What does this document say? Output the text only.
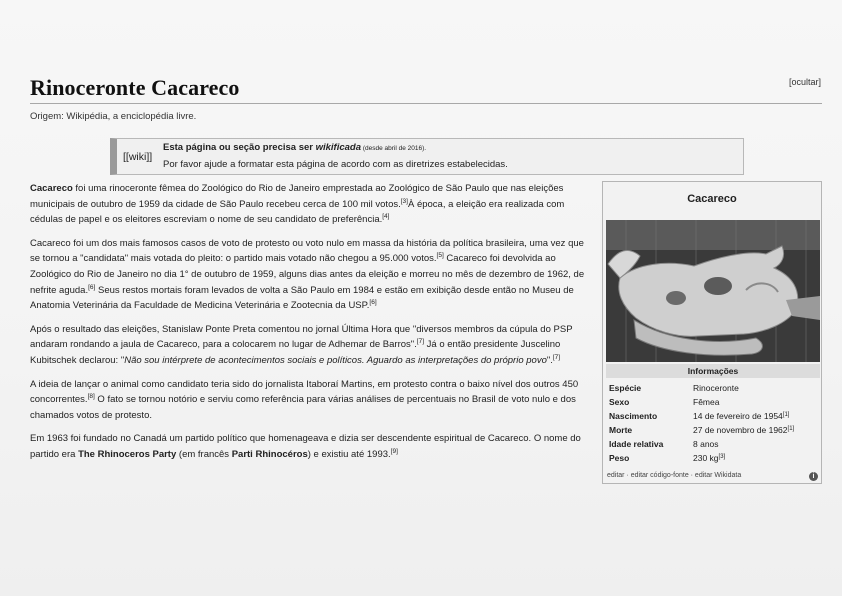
Rinoceronte Cacareco	[ocultar]
Origem: Wikipédia, a enciclopédia livre.
[[wiki]]
Esta página ou seção precisa ser wikificada (desde abril de 2016).
Por favor ajude a formatar esta página de acordo com as diretrizes estabelecidas.

Cacareco foi uma rinoceronte fêmea do Zoológico do Rio de Janeiro emprestada ao Zoológico de São Paulo que nas eleições municipais de outubro de 1959 da cidade de São Paulo recebeu cerca de 100 mil votos.[3]À época, a eleição era realizada com cédulas de papel e os eleitores escreviam o nome de seu candidato de preferência.[4]

Cacareco foi um dos mais famosos casos de voto de protesto ou voto nulo em massa da história da política brasileira, uma vez que se tornou a "candidata" mais votada do pleito: o partido mais votado não chegou a 95.000 votos.[5] Cacareco foi devolvida ao Zoológico do Rio de Janeiro no dia 1° de outubro de 1959, alguns dias antes da eleição e morreu no mês de dezembro de 1962, de nefrite aguda.[6] Seus restos mortais foram levados de volta a São Paulo em 1984 e estão em exibição desde então no Museu de Anatomia Veterinária da Faculdade de Medicina Veterinária e Zootecnia da USP.[6]

Após o resultado das eleições, Stanislaw Ponte Preta comentou no jornal Última Hora que "diversos membros da cúpula do PSP andaram rondando a jaula de Cacareco, para a colocarem no lugar de Adhemar de Barros".[7] Já o então presidente Juscelino Kubitschek declarou: "Não sou intérprete de acontecimentos sociais e políticos. Aguardo as interpretações do próprio povo".[7]

A ideia de lançar o animal como candidato teria sido do jornalista Itaboraí Martins, em protesto contra o baixo nível dos outros 450 concorrentes.[8] O fato se tornou notório e serviu como referência para várias análises de percentuais no Brasil de voto nulo e dos chamados votos de protesto.

Em 1963 foi fundado no Canadá um partido político que homenageava e dizia ser descendente espiritual de Cacareco. O nome do partido era The Rhinoceros Party (em francês Parti Rhinocéros) e existiu até 1993.[9]

Cacareco
Informações
Espécie	Rinoceronte
Sexo	Fêmea
Nascimento	14 de fevereiro de 1954[1]
Morte	27 de novembro de 1962[1]
Idade relativa	8 anos
Peso	230 kg[3]
editar · editar código-fonte · editar Wikidata	i
